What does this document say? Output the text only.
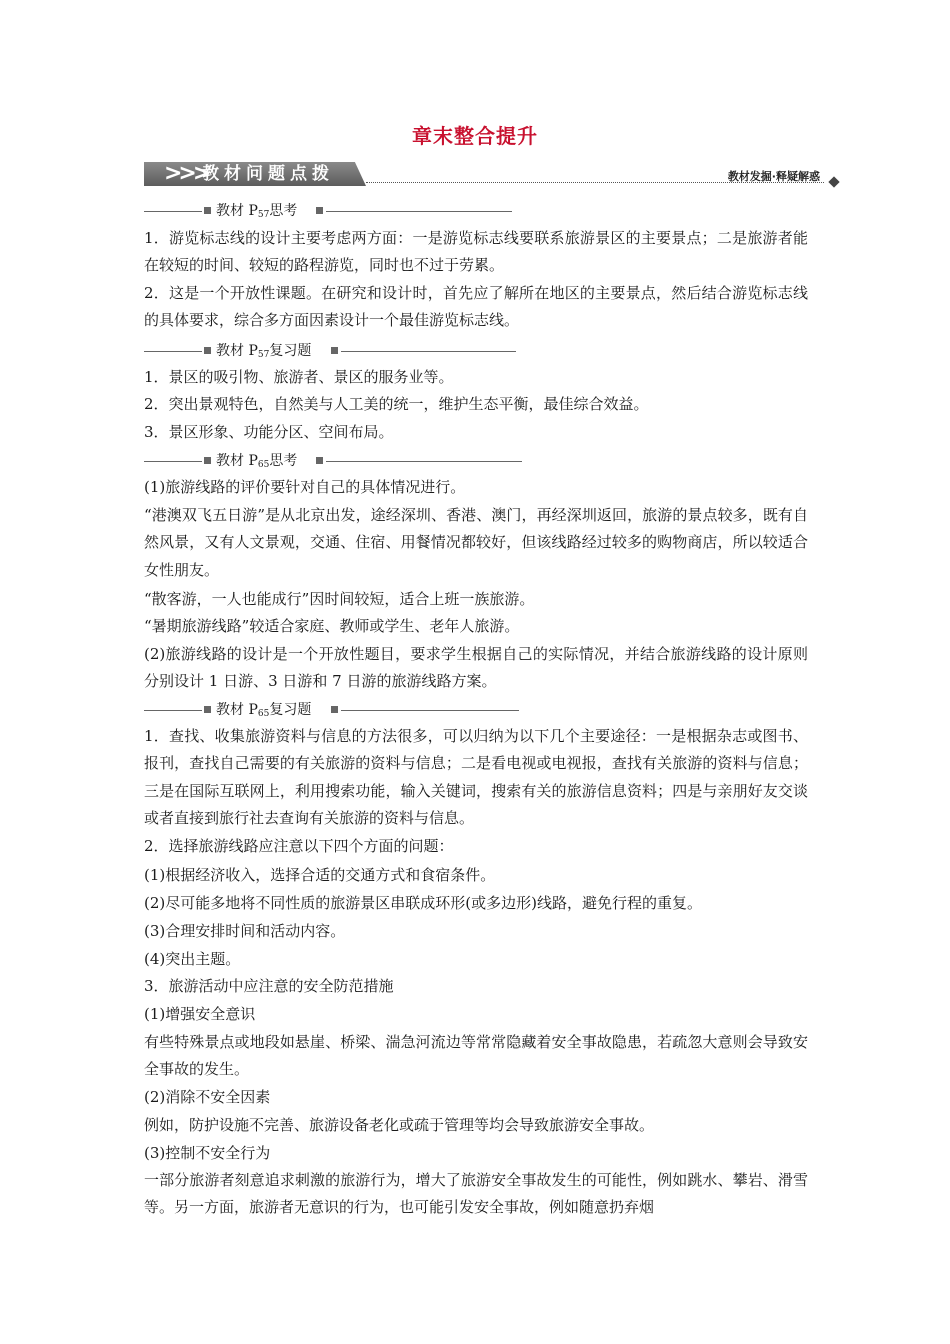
章末整合提升
>>>
教材问题点拨	教材发掘·释疑解惑
教材 $P_{57}$思考

1．游览标志线的设计主要考虑两方面：一是游览标志线要联系旅游景区的主要景点；二是旅游者能在较短的时间、较短的路程游览，同时也不过于劳累。

2．这是一个开放性课题。在研究和设计时，首先应了解所在地区的主要景点，然后结合游览标志线的具体要求，综合多方面因素设计一个最佳游览标志线。

教材 $P_{57}$复习题

1．景区的吸引物、旅游者、景区的服务业等。

2．突出景观特色，自然美与人工美的统一，维护生态平衡，最佳综合效益。

3．景区形象、功能分区、空间布局。

教材 $P_{65}$思考

(1)旅游线路的评价要针对自己的具体情况进行。

“港澳双飞五日游”是从北京出发，途经深圳、香港、澳门，再经深圳返回，旅游的景点较多，既有自然风景，又有人文景观，交通、住宿、用餐情况都较好，但该线路经过较多的购物商店，所以较适合女性朋友。

“散客游，一人也能成行”因时间较短，适合上班一族旅游。

“暑期旅游线路”较适合家庭、教师或学生、老年人旅游。

(2)旅游线路的设计是一个开放性题目，要求学生根据自己的实际情况，并结合旅游线路的设计原则分别设计 1 日游、3 日游和 7 日游的旅游线路方案。

教材 $P_{65}$复习题

1．查找、收集旅游资料与信息的方法很多，可以归纳为以下几个主要途径：一是根据杂志或图书、报刊，查找自己需要的有关旅游的资料与信息；二是看电视或电视报，查找有关旅游的资料与信息；三是在国际互联网上，利用搜索功能，输入关键词，搜索有关的旅游信息资料；四是与亲朋好友交谈或者直接到旅行社去查询有关旅游的资料与信息。

2．选择旅游线路应注意以下四个方面的问题：

(1)根据经济收入，选择合适的交通方式和食宿条件。

(2)尽可能多地将不同性质的旅游景区串联成环形(或多边形)线路，避免行程的重复。

(3)合理安排时间和活动内容。

(4)突出主题。

3．旅游活动中应注意的安全防范措施

(1)增强安全意识

有些特殊景点或地段如悬崖、桥梁、湍急河流边等常常隐藏着安全事故隐患，若疏忽大意则会导致安全事故的发生。

(2)消除不安全因素

例如，防护设施不完善、旅游设备老化或疏于管理等均会导致旅游安全事故。

(3)控制不安全行为

一部分旅游者刻意追求刺激的旅游行为，增大了旅游安全事故发生的可能性，例如跳水、攀岩、滑雪等。另一方面，旅游者无意识的行为，也可能引发安全事故，例如随意扔弃烟
